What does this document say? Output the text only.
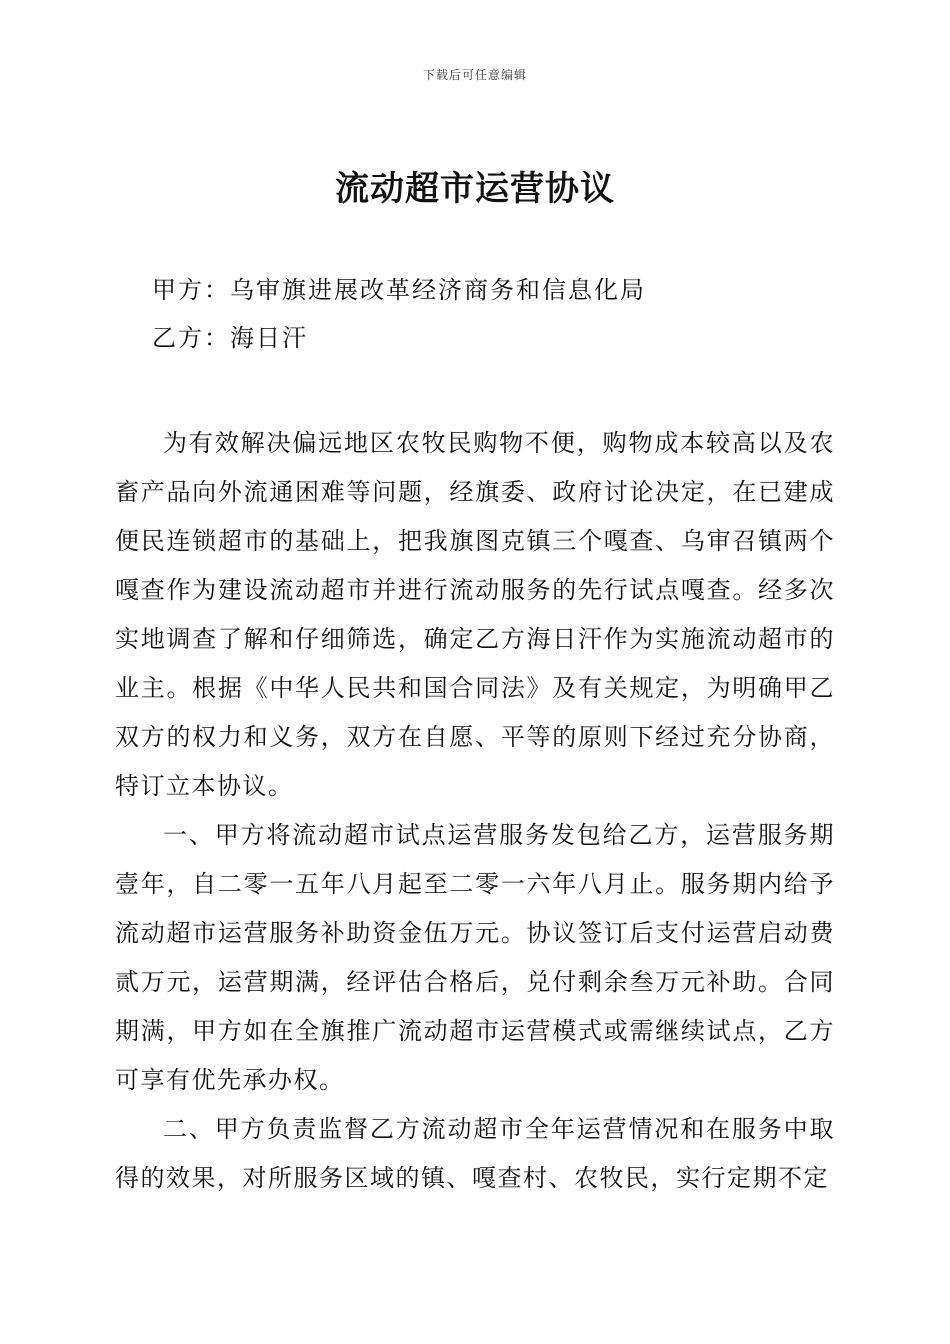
下载后可任意编辑
流动超市运营协议
甲方：乌审旗进展改革经济商务和信息化局
乙方：海日汗

为有效解决偏远地区农牧民购物不便，购物成本较高以及农畜产品向外流通困难等问题，经旗委、政府讨论决定，在已建成便民连锁超市的基础上，把我旗图克镇三个嘎查、乌审召镇两个嘎查作为建设流动超市并进行流动服务的先行试点嘎查。经多次实地调查了解和仔细筛选，确定乙方海日汗作为实施流动超市的业主。根据《中华人民共和国合同法》及有关规定，为明确甲乙双方的权力和义务，双方在自愿、平等的原则下经过充分协商，特订立本协议。

一、甲方将流动超市试点运营服务发包给乙方，运营服务期壹年，自二零一五年八月起至二零一六年八月止。服务期内给予流动超市运营服务补助资金伍万元。协议签订后支付运营启动费贰万元，运营期满，经评估合格后，兑付剩余叁万元补助。合同期满，甲方如在全旗推广流动超市运营模式或需继续试点，乙方可享有优先承办权。

二、甲方负责监督乙方流动超市全年运营情况和在服务中取得的效果，对所服务区域的镇、嘎查村、农牧民，实行定期不定
